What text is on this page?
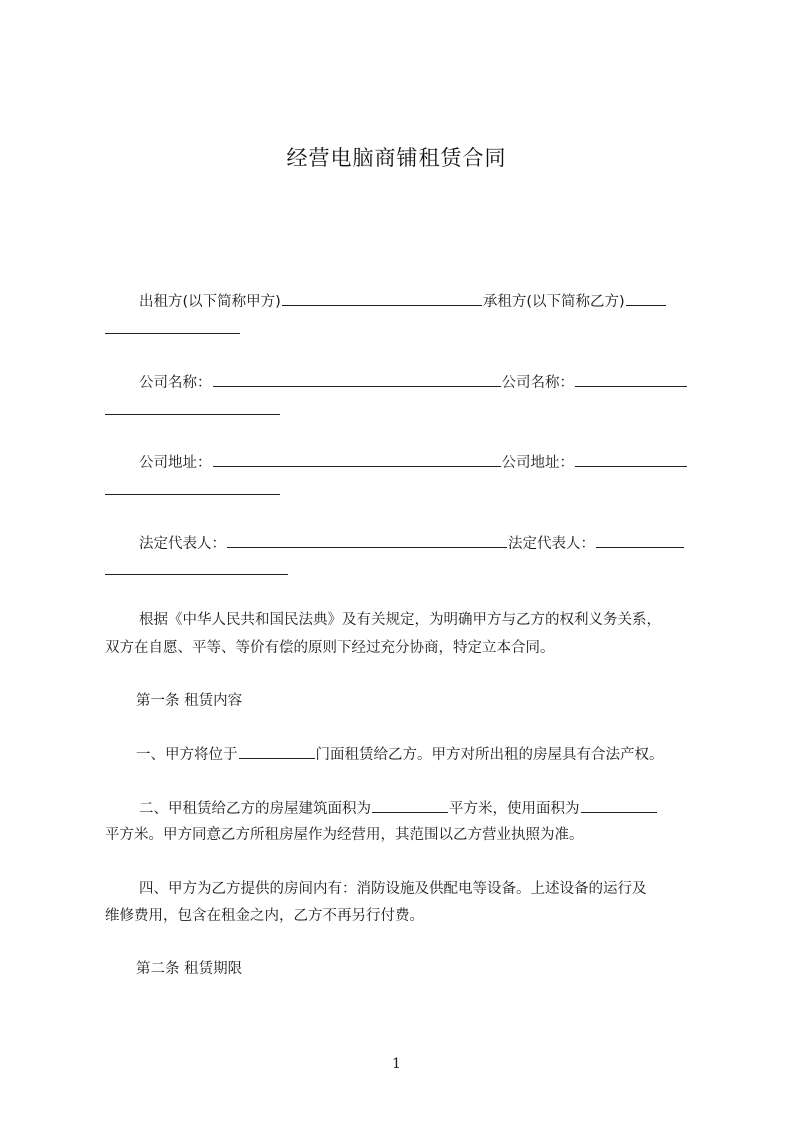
经营电脑商铺租赁合同
出租方(以下简称甲方)	承租方(以下简称乙方)
公司名称：	公司名称：
公司地址：	公司地址：
法定代表人：	法定代表人：
根据《中华人民共和国民法典》及有关规定，为明确甲方与乙方的权利义务关系，
双方在自愿、平等、等价有偿的原则下经过充分协商，特定立本合同。
第一条 租赁内容
一、甲方将位于	门面租赁给乙方。甲方对所出租的房屋具有合法产权。
二、甲租赁给乙方的房屋建筑面积为	平方米，使用面积为
平方米。甲方同意乙方所租房屋作为经营用，其范围以乙方营业执照为准。
四、甲方为乙方提供的房间内有：消防设施及供配电等设备。上述设备的运行及
维修费用，包含在租金之内，乙方不再另行付费。
第二条 租赁期限
1
